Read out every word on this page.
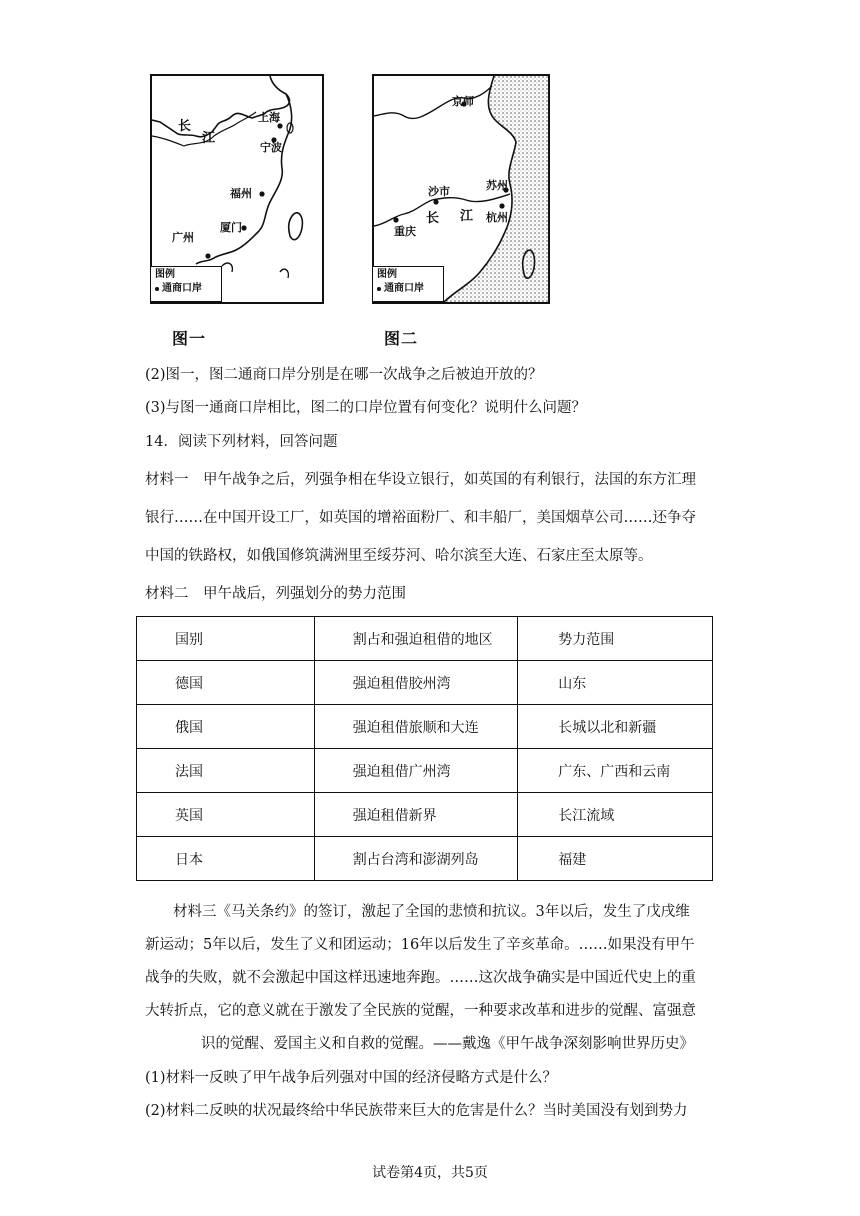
长
江
上海
宁波
福州
厦门
广州
图例
通商口岸
图一
京师
沙市	苏州
长 江 杭州
重庆
图例
通商口岸
图二
(2)图一，图二通商口岸分别是在哪一次战争之后被迫开放的？
(3)与图一通商口岸相比，图二的口岸位置有何变化？说明什么问题？
14．阅读下列材料，回答问题
材料一　甲午战争之后，列强争相在华设立银行，如英国的有利银行，法国的东方汇理
银行……在中国开设工厂，如英国的增裕面粉厂、和丰船厂，美国烟草公司……还争夺
中国的铁路权，如俄国修筑满洲里至绥芬河、哈尔滨至大连、石家庄至太原等。
材料二　甲午战后，列强划分的势力范围
国别	割占和强迫租借的地区	势力范围
德国	强迫租借胶州湾	山东
俄国	强迫租借旅顺和大连	长城以北和新疆
法国	强迫租借广州湾	广东、广西和云南
英国	强迫租借新界	长江流域
日本	割占台湾和澎湖列岛	福建
材料三《马关条约》的签订，激起了全国的悲愤和抗议。3年以后，发生了戊戌维
新运动；5年以后，发生了义和团运动；16年以后发生了辛亥革命。……如果没有甲午
战争的失败，就不会激起中国这样迅速地奔跑。……这次战争确实是中国近代史上的重
大转折点，它的意义就在于激发了全民族的觉醒，一种要求改革和进步的觉醒、富强意
识的觉醒、爱国主义和自救的觉醒。——戴逸《甲午战争深刻影响世界历史》
(1)材料一反映了甲午战争后列强对中国的经济侵略方式是什么？
(2)材料二反映的状况最终给中华民族带来巨大的危害是什么？当时美国没有划到势力
试卷第4页，共5页
